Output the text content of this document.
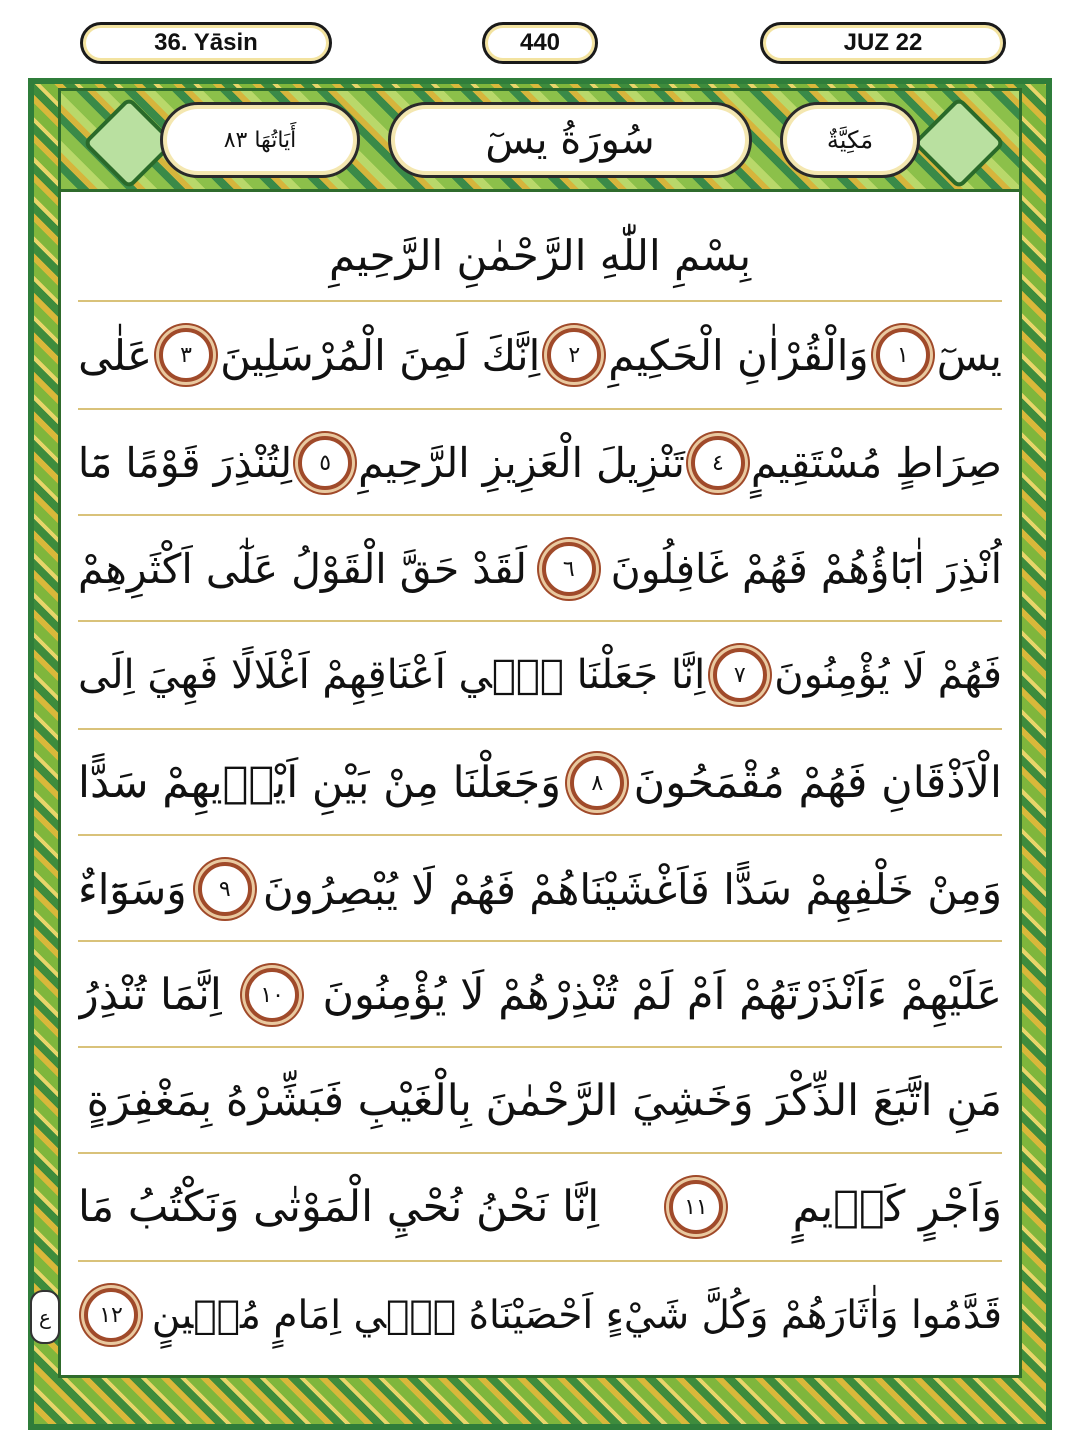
36. Yāsin	440	JUZ 22
أَيَاتُهَا ٨٣	سُورَةُ يسٓ	مَكِيَّةٌ
بِسْمِ اللّٰهِ الرَّحْمٰنِ الرَّحِيمِ
يسٓ
١
وَالْقُرْاٰنِ الْحَكِيمِ
٢
اِنَّكَ لَمِنَ الْمُرْسَلِينَ
٣
عَلٰى
صِرَاطٍ مُسْتَقِيمٍ
٤
تَنْزِيلَ الْعَزِيزِ الرَّحِيمِ
٥
لِتُنْذِرَ قَوْمًا مَٓا
اُنْذِرَ اٰبَٓاؤُهُمْ فَهُمْ غَافِلُونَ
٦
لَقَدْ حَقَّ الْقَوْلُ عَلٰٓى اَكْثَرِهِمْ
فَهُمْ لَا يُؤْمِنُونَ
٧
اِنَّا جَعَلْنَا فٖٓي اَعْنَاقِهِمْ اَغْلَالًا فَهِيَ اِلَى
الْاَذْقَانِ فَهُمْ مُقْمَحُونَ
٨
وَجَعَلْنَا مِنْ بَيْنِ اَيْدٖيهِمْ سَدًّا
وَمِنْ خَلْفِهِمْ سَدًّا فَاَغْشَيْنَاهُمْ فَهُمْ لَا يُبْصِرُونَ
٩
وَسَوَٓاءٌ
عَلَيْهِمْ ءَاَنْذَرْتَهُمْ اَمْ لَمْ تُنْذِرْهُمْ لَا يُؤْمِنُونَ
١٠
اِنَّمَا تُنْذِرُ
مَنِ اتَّبَعَ الذِّكْرَ وَخَشِيَ الرَّحْمٰنَ بِالْغَيْبِ فَبَشِّرْهُ بِمَغْفِرَةٍ
وَاَجْرٍ كَرٖيمٍ
١١
اِنَّا نَحْنُ نُحْيِ الْمَوْتٰى وَنَكْتُبُ مَا
قَدَّمُوا وَاٰثَارَهُمْ وَكُلَّ شَيْءٍ اَحْصَيْنَاهُ فٖٓي اِمَامٍ مُبٖينٍ
١٢
ع
